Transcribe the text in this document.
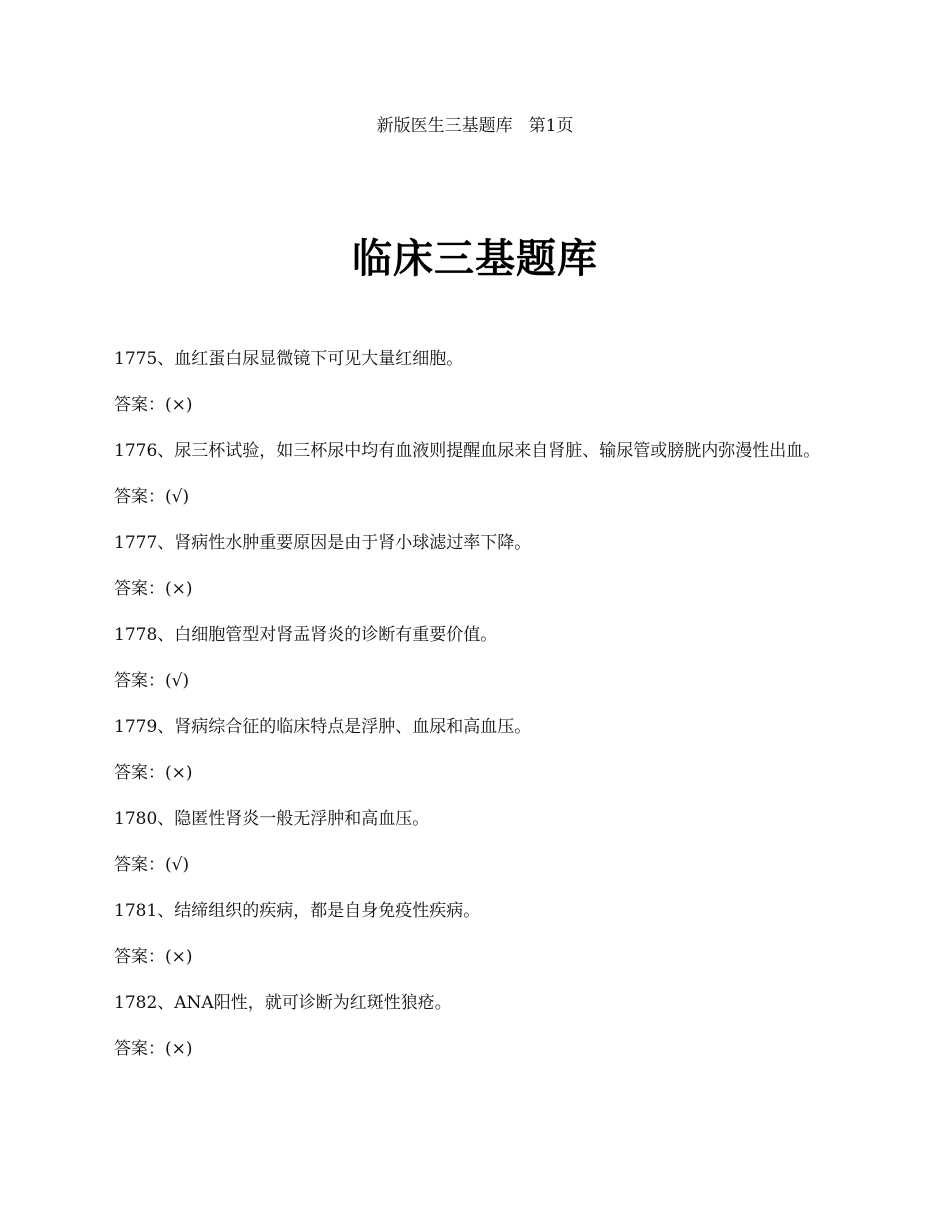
新版医生三基题库 第1页
临床三基题库
1775、血红蛋白尿显微镜下可见大量红细胞。
答案：(×)
1776、尿三杯试验，如三杯尿中均有血液则提醒血尿来自肾脏、输尿管或膀胱内弥漫性出血。
答案：(√)
1777、肾病性水肿重要原因是由于肾小球滤过率下降。
答案：(×)
1778、白细胞管型对肾盂肾炎的诊断有重要价值。
答案：(√)
1779、肾病综合征的临床特点是浮肿、血尿和高血压。
答案：(×)
1780、隐匿性肾炎一般无浮肿和高血压。
答案：(√)
1781、结缔组织的疾病，都是自身免疫性疾病。
答案：(×)
1782、ANA阳性，就可诊断为红斑性狼疮。
答案：(×)
